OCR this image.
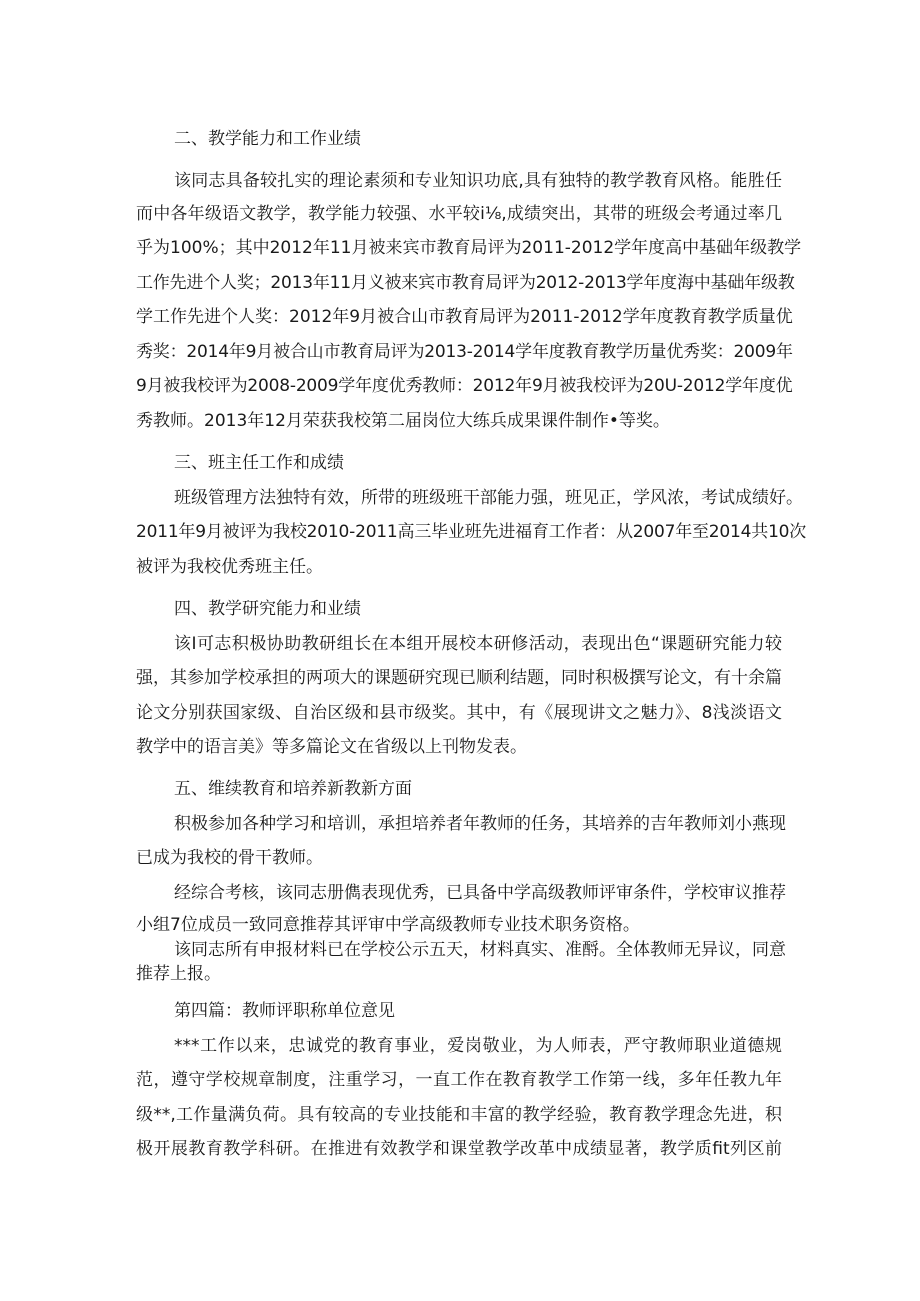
二、教学能力和工作业绩
该同志具备较扎实的理论素须和专业知识功底,具有独特的教学教育风格。能胜任
而中各年级语文教学，教学能力较强、水平较i⅛,成绩突出，其带的班级会考通过率几
乎为100%；其中2012年11月被来宾市教育局评为2011-2012学年度高中基础年级教学
工作先进个人奖；2013年11月义被来宾市教育局评为2012-2013学年度海中基础年级教
学工作先进个人奖：2012年9月被合山市教育局评为2011-2012学年度教育教学质量优
秀奖：2014年9月被合山市教育局评为2013-2014学年度教育教学历量优秀奖：2009年
9月被我校评为2008-2009学年度优秀教师：2012年9月被我校评为20U-2012学年度优
秀教师。2013年12月荣获我校第二届岗位大练兵成果课件制作•等奖。
三、班主任工作和成绩
班级管理方法独特有效，所带的班级班干部能力强，班见正，学风浓，考试成绩好。
2011年9月被评为我校2010-2011高三毕业班先进福育工作者：从2007年至2014共10次
被评为我校优秀班主任。
四、教学研究能力和业绩
该I可志积极协助教研组长在本组开展校本研修活动，表现出色“课题研究能力较
强，其参加学校承担的两项大的课题研究现已顺利结题，同时积极撰写论文，有十余篇
论文分别获国家级、自治区级和县市级奖。其中，有《展现讲文之魅力》、8浅淡语文
教学中的语言美》等多篇论文在省级以上刊物发表。
五、维续教育和培养新教新方面
积极参加各种学习和培训，承担培养者年教师的任务，其培养的吉年教师刘小燕现
已成为我校的骨干教师。
经综合考核，该同志册儁表现优秀，已具备中学高级教师评审条件，学校审议推荐
小组7位成员一致同意推荐其评审中学高级教师专业技术职务资格。
该同志所有申报材料已在学校公示五天，材料真实、准酹。全体教师无异议，同意
推荐上报。
第四篇：教师评职称单位意见
***工作以来，忠诚党的教育事业，爱岗敬业，为人师表，严守教师职业道德规
范，遵守学校规章制度，注重学习，一直工作在教育教学工作第一线，多年任教九年
级**,工作量满负荷。具有较高的专业技能和丰富的教学经验，教育教学理念先进，积
极开展教育教学科研。在推进有效教学和课堂教学改革中成绩显著，教学质fit列区前
